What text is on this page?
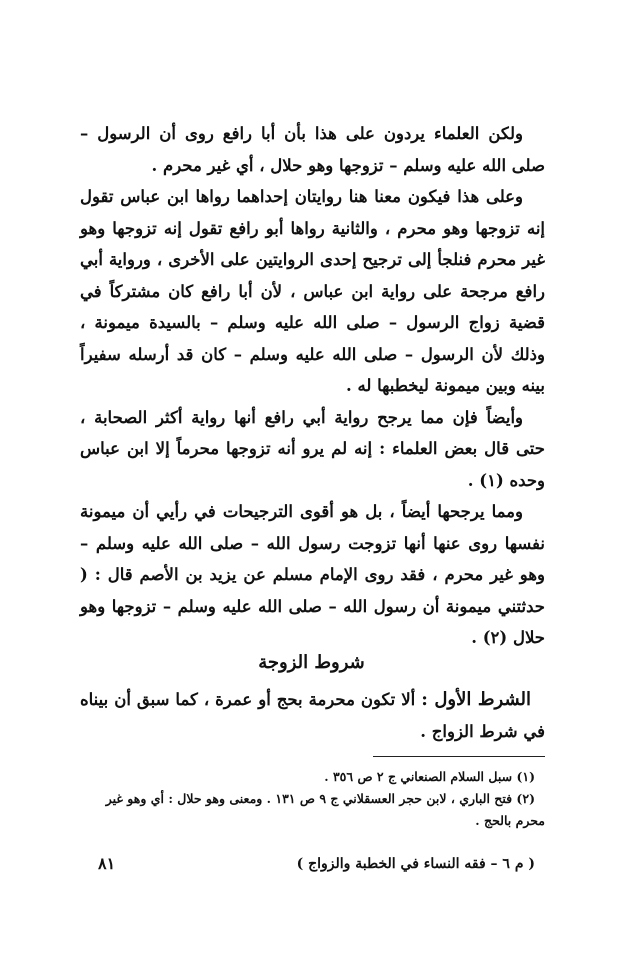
ولكن العلماء يردون على هذا بأن أبا رافع روى أن الرسول – صلى الله عليه وسلم – تزوجها وهو حلال ، أي غير محرم .

وعلى هذا فيكون معنا هنا روايتان إحداهما رواها ابن عباس تقول إنه تزوجها وهو محرم ، والثانية رواها أبو رافع تقول إنه تزوجها وهو غير محرم فنلجأ إلى ترجيح إحدى الروايتين على الأخرى ، ورواية أبي رافع مرجحة على رواية ابن عباس ، لأن أبا رافع كان مشتركاً في قضية زواج الرسول – صلى الله عليه وسلم – بالسيدة ميمونة ، وذلك لأن الرسول – صلى الله عليه وسلم – كان قد أرسله سفيراً بينه وبين ميمونة ليخطبها له .

وأيضاً فإن مما يرجح رواية أبي رافع أنها رواية أكثر الصحابة ، حتى قال بعض العلماء : إنه لم يرو أنه تزوجها محرماً إلا ابن عباس وحده (١) .

ومما يرجحها أيضاً ، بل هو أقوى الترجيحات في رأيي أن ميمونة نفسها روى عنها أنها تزوجت رسول الله – صلى الله عليه وسلم – وهو غير محرم ، فقد روى الإمام مسلم عن يزيد بن الأصم قال : ( حدثتني ميمونة أن رسول الله – صلى الله عليه وسلم – تزوجها وهو حلال (٢) .

شروط الزوجة

الشرط الأول : ألا تكون محرمة بحج أو عمرة ، كما سبق أن بيناه في شرط الزواج .

(١) سبل السلام الصنعاني ج ٢ ص ٣٥٦ .

(٢) فتح الباري ، لابن حجر العسقلاني ج ٩ ص ١٣١ . ومعنى وهو حلال : أي وهو غير محرم بالحج .

( م ٦ – فقه النساء في الخطبة والزواج )
٨١
